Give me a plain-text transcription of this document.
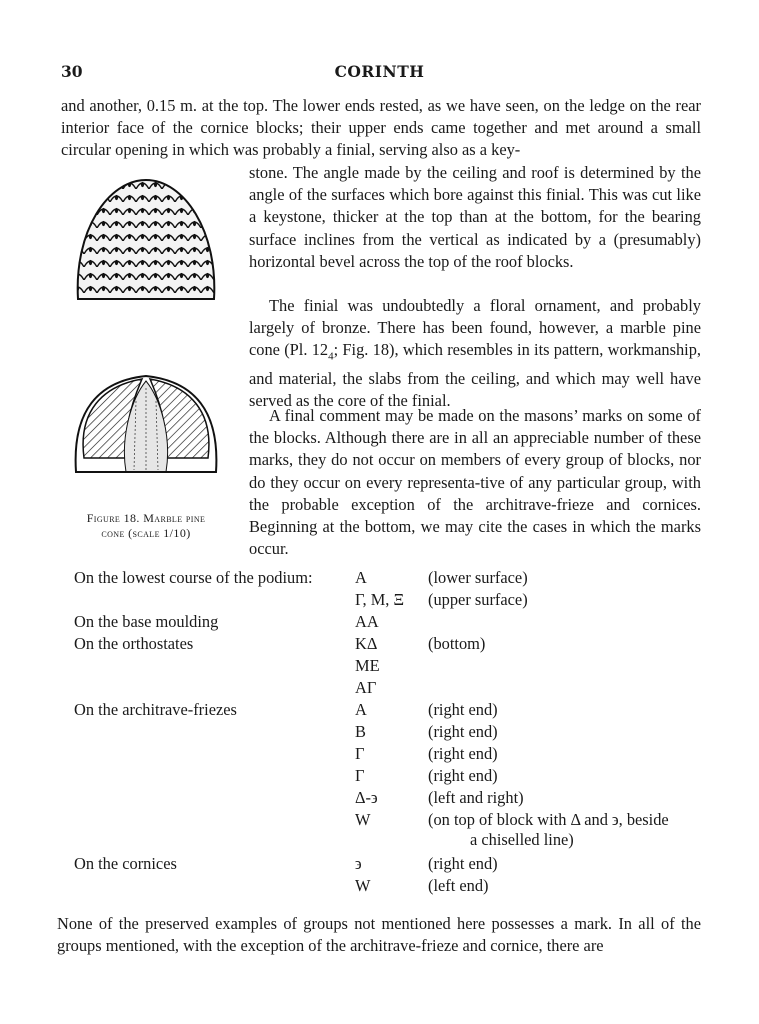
30	CORINTH
and another, 0.15 m. at the top. The lower ends rested, as we have seen, on the ledge on the rear interior face of the cornice blocks; their upper ends came together and met around a small circular opening in which was probably a finial, serving also as a key-
stone. The angle made by the ceiling and roof is determined by the angle of the surfaces which bore against this finial. This was cut like a keystone, thicker at the top than at the bottom, for the bearing surface inclines from the vertical as indicated by a (presumably) horizontal bevel across the top of the roof blocks.
The finial was undoubtedly a floral ornament, and probably largely of bronze. There has been found, however, a marble pine cone (Pl. $12_4$; Fig. 18), which resembles in its pattern, workmanship, and material, the slabs from the ceiling, and which may well have served as the core of the finial.
A final comment may be made on the masons’ marks on some of the blocks. Although there are in all an appreciable number of these marks, they do not occur on members of every group of blocks, nor do they occur on every representa-tive of any particular group, with the probable exception of the architrave-frieze and cornices. Beginning at the bottom, we may cite the cases in which the marks occur.
Figure 18. Marble pine
cone (scale 1/10)
On the lowest course of the podium:	A	(lower surface)
Γ, M, Ξ (upper surface)
On the base moulding	AA
On the orthostates	KΔ	(bottom)
ME
AΓ
On the architrave-friezes	A	(right end)
B	(right end)
Γ	(right end)
Γ	(right end)
Δ-϶	(left and right)
W	(on top of block with Δ and ϶, beside
a chiselled line)
On the cornices	϶	(right end)
W	(left end)
None of the preserved examples of groups not mentioned here possesses a mark. In all of the groups mentioned, with the exception of the architrave-frieze and cornice, there are
